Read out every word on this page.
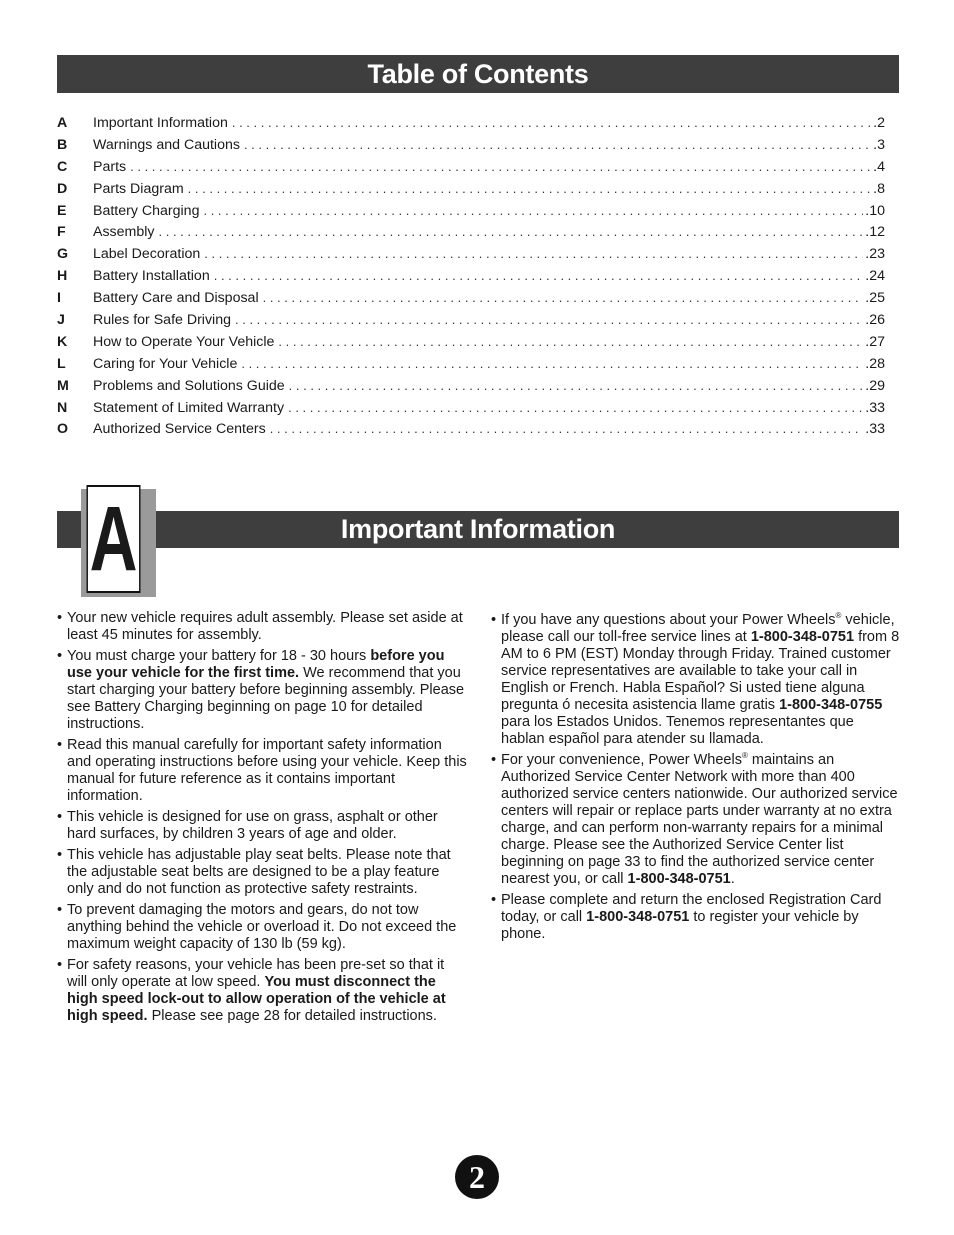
Table of Contents
A	Important Information . . .	.2
B	Warnings and Cautions . . .	.3
C	Parts . . .	.4
D	Parts Diagram . . .	.8
E	Battery Charging . . .	.10
F	Assembly . . .	.12
G	Label Decoration . . .	.23
H	Battery Installation . . .	.24
I	Battery Care and Disposal . . .	.25
J	Rules for Safe Driving . . .	.26
K	How to Operate Your Vehicle . . .	.27
L	Caring for Your Vehicle . . .	.28
M	Problems and Solutions Guide . . .	.29
N	Statement of Limited Warranty . . .	.33
O	Authorized Service Centers . . .	.33
Important Information
A
• Your new vehicle requires adult assembly. Please set aside at least 45 minutes for assembly.
• You must charge your battery for 18 - 30 hours before you use your vehicle for the first time. We recommend that you start charging your battery before beginning assembly. Please see Battery Charging beginning on page 10 for detailed instructions.
• Read this manual carefully for important safety information and operating instructions before using your vehicle. Keep this manual for future reference as it contains important information.
• This vehicle is designed for use on grass, asphalt or other hard surfaces, by children 3 years of age and older.
• This vehicle has adjustable play seat belts. Please note that the adjustable seat belts are designed to be a play feature only and do not function as protective safety restraints.
• To prevent damaging the motors and gears, do not tow anything behind the vehicle or overload it. Do not exceed the maximum weight capacity of 130 lb (59 kg).
• For safety reasons, your vehicle has been pre-set so that it will only operate at low speed. You must disconnect the high speed lock-out to allow operation of the vehicle at high speed. Please see page 28 for detailed instructions.
• If you have any questions about your Power Wheels® vehicle, please call our toll-free service lines at 1-800-348-0751 from 8 AM to 6 PM (EST) Monday through Friday. Trained customer service representatives are available to take your call in English or French. Habla Español? Si usted tiene alguna pregunta ó necesita asistencia llame gratis 1-800-348-0755 para los Estados Unidos. Tenemos representantes que hablan español para atender su llamada.
• For your convenience, Power Wheels® maintains an Authorized Service Center Network with more than 400 authorized service centers nationwide. Our authorized service centers will repair or replace parts under warranty at no extra charge, and can perform non-warranty repairs for a minimal charge. Please see the Authorized Service Center list beginning on page 33 to find the authorized service center nearest you, or call 1-800-348-0751.
• Please complete and return the enclosed Registration Card today, or call 1-800-348-0751 to register your vehicle by phone.
2
